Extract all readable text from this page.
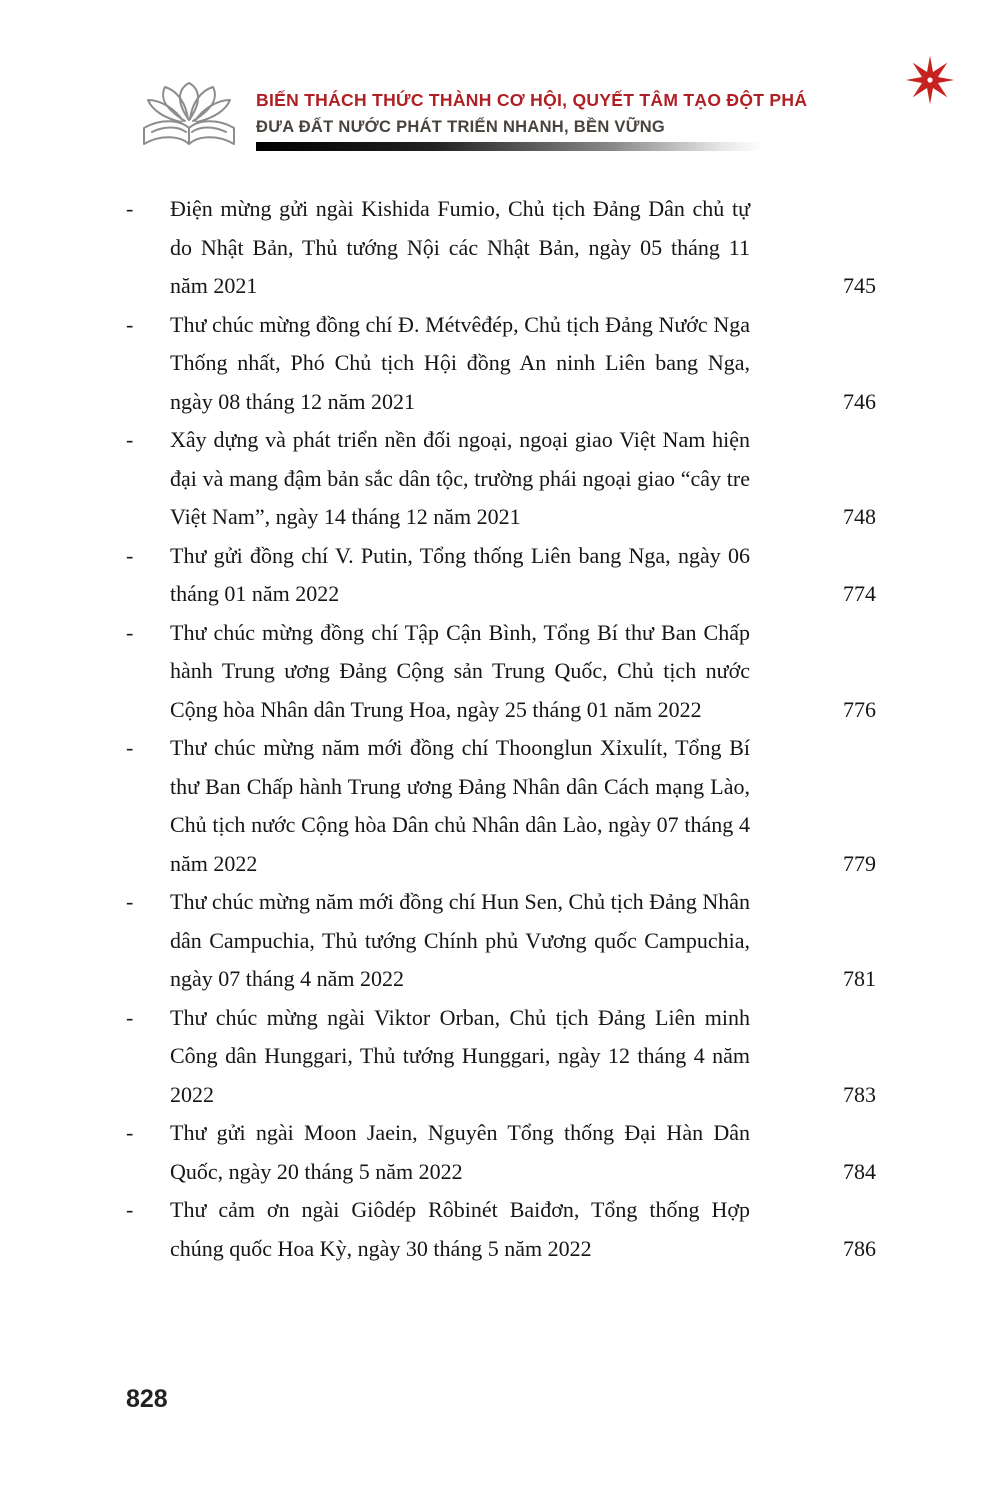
BIẾN THÁCH THỨC THÀNH CƠ HỘI, QUYẾT TÂM TẠO ĐỘT PHÁ
ĐƯA ĐẤT NƯỚC PHÁT TRIỂN NHANH, BỀN VỮNG
-	Điện mừng gửi ngài Kishida Fumio, Chủ tịch Đảng Dân chủ tự do Nhật Bản, Thủ tướng Nội các Nhật Bản, ngày 05 tháng 11 năm 2021	745
-	Thư chúc mừng đồng chí Đ. Métvêđép, Chủ tịch Đảng Nước Nga Thống nhất, Phó Chủ tịch Hội đồng An ninh Liên bang Nga, ngày 08 tháng 12 năm 2021	746
-	Xây dựng và phát triển nền đối ngoại, ngoại giao Việt Nam hiện đại và mang đậm bản sắc dân tộc, trường phái ngoại giao “cây tre Việt Nam”, ngày 14 tháng 12 năm 2021	748
-	Thư gửi đồng chí V. Putin, Tổng thống Liên bang Nga, ngày 06 tháng 01 năm 2022	774
-	Thư chúc mừng đồng chí Tập Cận Bình, Tổng Bí thư Ban Chấp hành Trung ương Đảng Cộng sản Trung Quốc, Chủ tịch nước Cộng hòa Nhân dân Trung Hoa, ngày 25 tháng 01 năm 2022	776
-	Thư chúc mừng năm mới đồng chí Thoonglun Xỉxulít, Tổng Bí thư Ban Chấp hành Trung ương Đảng Nhân dân Cách mạng Lào, Chủ tịch nước Cộng hòa Dân chủ Nhân dân Lào, ngày 07 tháng 4 năm 2022	779
-	Thư chúc mừng năm mới đồng chí Hun Sen, Chủ tịch Đảng Nhân dân Campuchia, Thủ tướng Chính phủ Vương quốc Campuchia, ngày 07 tháng 4 năm 2022	781
-	Thư chúc mừng ngài Viktor Orban, Chủ tịch Đảng Liên minh Công dân Hunggari, Thủ tướng Hunggari, ngày 12 tháng 4 năm 2022	783
-	Thư gửi ngài Moon Jaein, Nguyên Tổng thống Đại Hàn Dân Quốc, ngày 20 tháng 5 năm 2022	784
-	Thư cảm ơn ngài Giôdép Rôbinét Baiđơn, Tổng thống Hợp chúng quốc Hoa Kỳ, ngày 30 tháng 5 năm 2022	786
828
